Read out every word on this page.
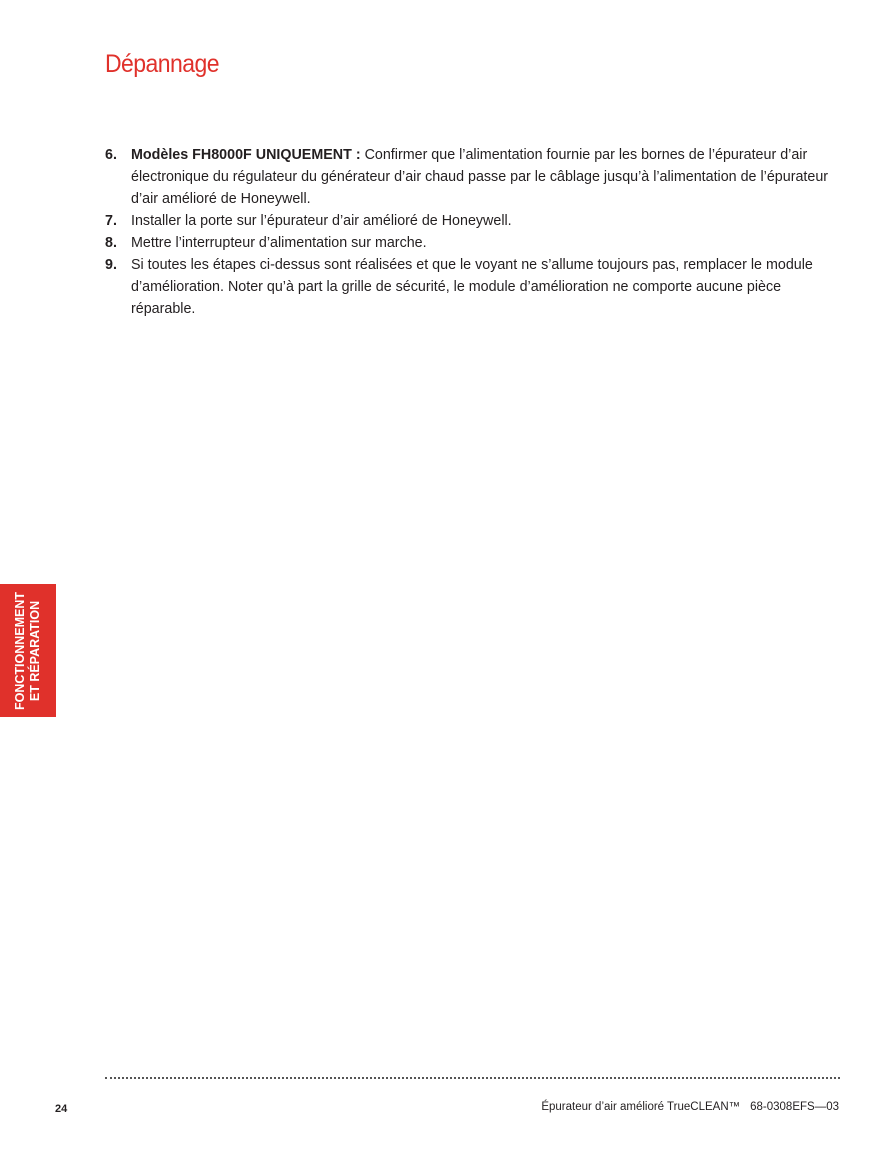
Dépannage
6. Modèles FH8000F UNIQUEMENT : Confirmer que l’alimentation fournie par les bornes de l’épurateur d’air électronique du régulateur du générateur d’air chaud passe par le câblage jusqu’à l’alimentation de l’épurateur d’air amélioré de Honeywell.
7. Installer la porte sur l’épurateur d’air amélioré de Honeywell.
8. Mettre l’interrupteur d’alimentation sur marche.
9. Si toutes les étapes ci-dessus sont réalisées et que le voyant ne s’allume toujours pas, remplacer le module d’amélioration. Noter qu’à part la grille de sécurité, le module d’amélioration ne comporte aucune pièce réparable.
FONCTIONNEMENT ET RÉPARATION
24	Épurateur d’air amélioré TrueCLEAN™ 68-0308EFS—03
